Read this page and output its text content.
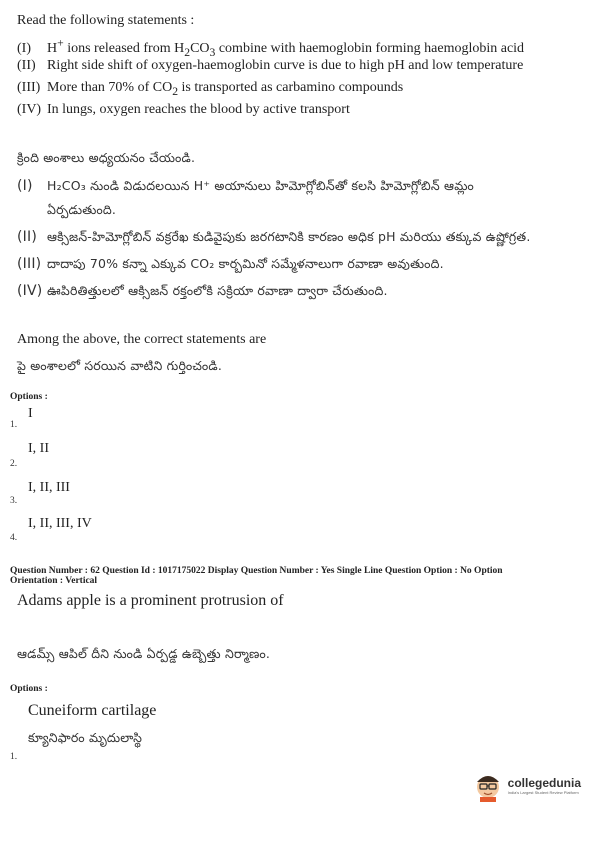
Read the following statements :
(I) H+ ions released from $H_2CO_3$ combine with haemoglobin forming haemoglobin acid
(II) Right side shift of oxygen-haemoglobin curve is due to high pH and low temperature
(III) More than 70% of $CO_2$ is transported as carbamino compounds
(IV) In lungs, oxygen reaches the blood by active transport
క్రింది అంశాలు అధ్యయనం చేయండి.
(I) H₂CO₃ నుండి విడుదలయిన H⁺ అయానులు హిమోగ్లోబిన్‌తో కలసి హిమోగ్లోబిన్ ఆమ్లం
ఏర్పడుతుంది.
(II) ఆక్సిజన్-హిమోగ్లోబిన్ వక్రరేఖ కుడివైపుకు జరగటానికి కారణం అధిక pH మరియు తక్కువ ఉష్ణోగ్రత.
(III) దాదాపు 70% కన్నా ఎక్కువ CO₂ కార్బమినో సమ్మేళనాలుగా రవాణా అవుతుంది.
(IV) ఊపిరితిత్తులలో ఆక్సిజన్ రక్తంలోకి సక్రియా రవాణా ద్వారా చేరుతుంది.
Among the above, the correct statements are
పై అంశాలలో సరయిన వాటిని గుర్తించండి.
Options :
I
1.
I, II
2.
I, II, III
3.
I, II, III, IV
4.
Question Number : 62 Question Id : 1017175022 Display Question Number : Yes Single Line Question Option : No Option
Orientation : Vertical
Adams apple is a prominent protrusion of
ఆడమ్స్ ఆపిల్ దీని నుండి ఏర్పడ్డ ఉబ్బెత్తు నిర్మాణం.
Options :
Cuneiform cartilage
క్యూనిఫారం మృదులాస్థి
1.
collegedunia
India's Largest Student Review Platform
